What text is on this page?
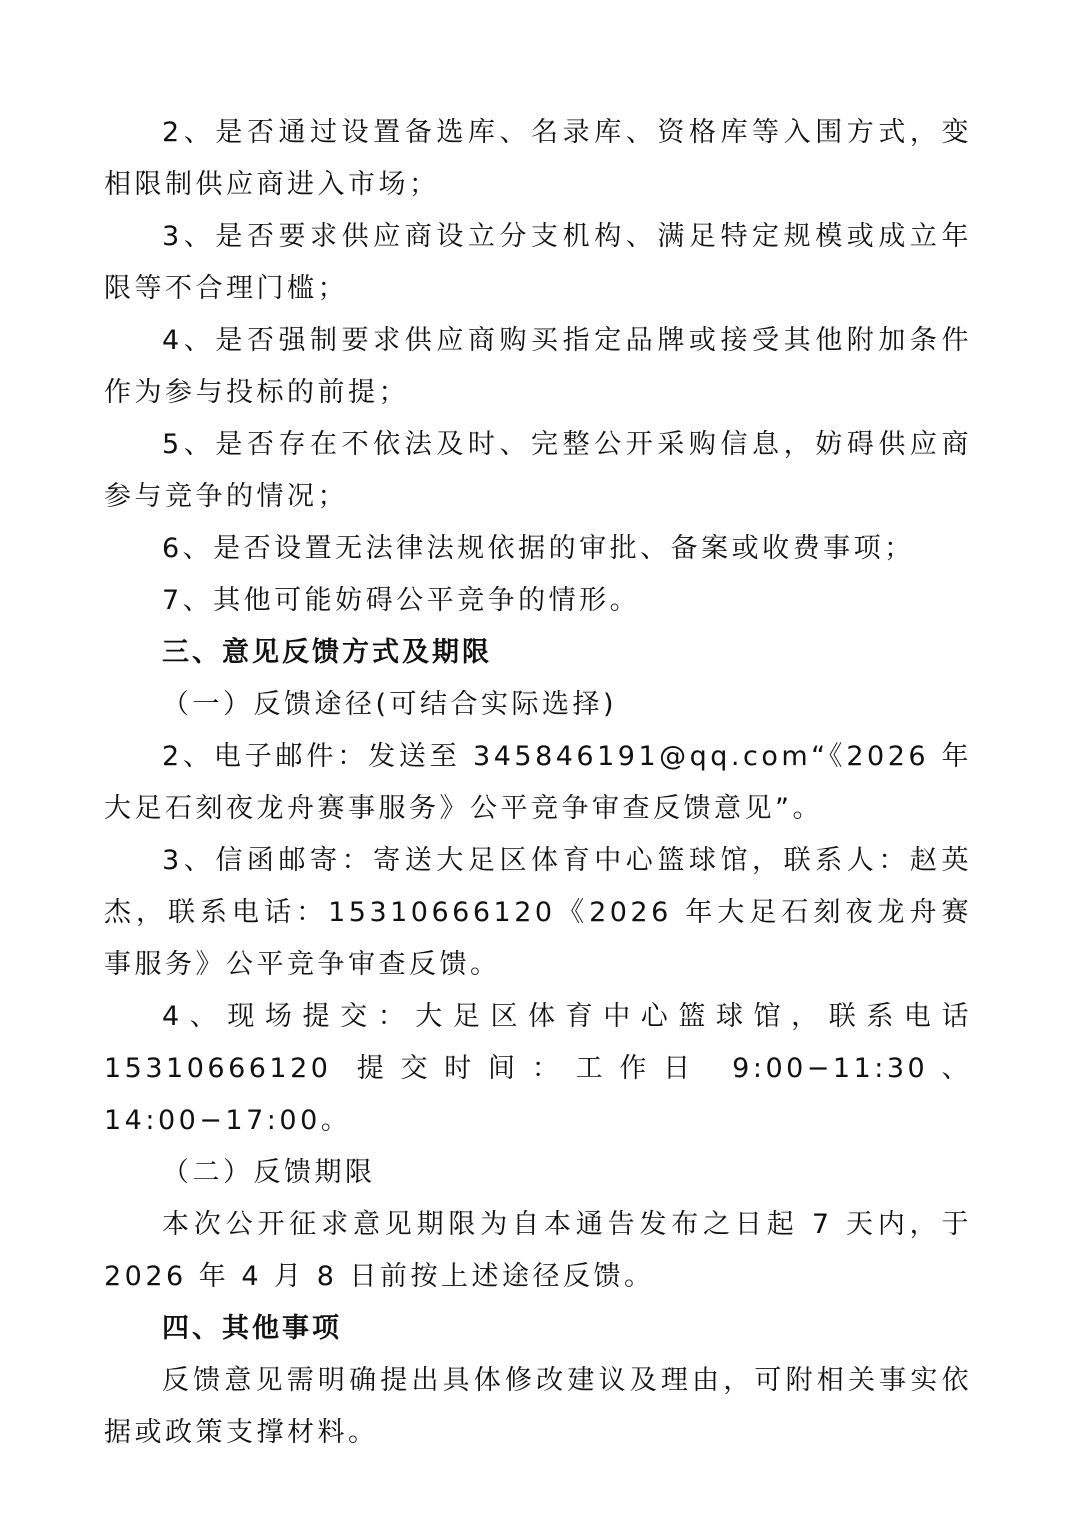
2、是否通过设置备选库、名录库、资格库等入围方式，变相限制供应商进入市场；

3、是否要求供应商设立分支机构、满足特定规模或成立年限等不合理门槛；

4、是否强制要求供应商购买指定品牌或接受其他附加条件作为参与投标的前提；

5、是否存在不依法及时、完整公开采购信息，妨碍供应商参与竞争的情况；

6、是否设置无法律法规依据的审批、备案或收费事项；

7、其他可能妨碍公平竞争的情形。

三、意见反馈方式及期限

（一）反馈途径(可结合实际选择)

2、电子邮件：发送至 345846191@qq.com“《2026 年大足石刻夜龙舟赛事服务》公平竞争审查反馈意见”。

3、信函邮寄：寄送大足区体育中心篮球馆，联系人：赵英杰，联系电话：15310666120《2026 年大足石刻夜龙舟赛事服务》公平竞争审查反馈。

4、现场提交：大足区体育中心篮球馆，联系电话 15310666120 提交时间：工作日 9:00−11:30、14:00−17:00。

（二）反馈期限

本次公开征求意见期限为自本通告发布之日起 7 天内，于 2026 年 4 月 8 日前按上述途径反馈。

四、其他事项

反馈意见需明确提出具体修改建议及理由，可附相关事实依据或政策支撑材料。
